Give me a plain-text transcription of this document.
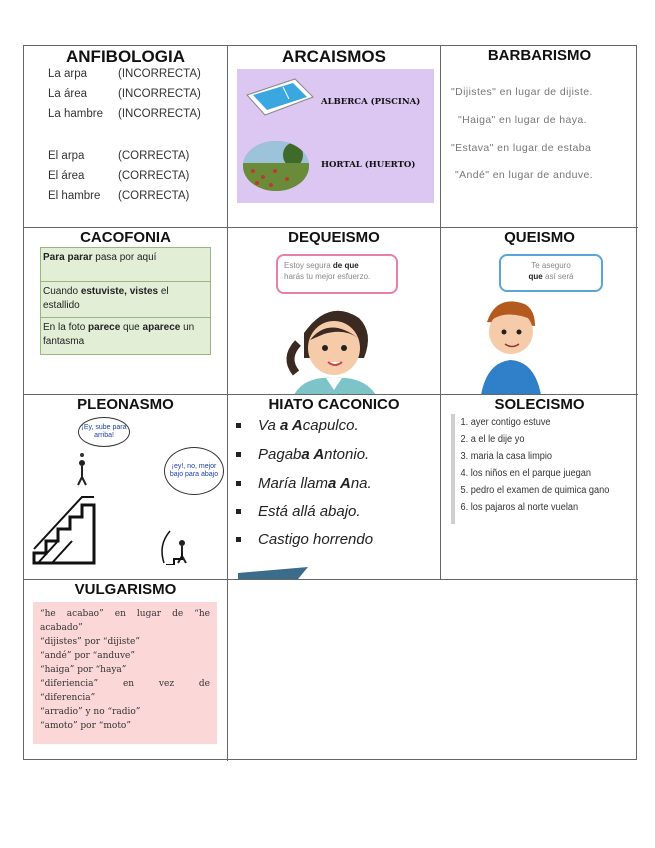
ANFIBOLOGIA
La arpa	(INCORRECTA)
La área	(INCORRECTA)
La hambre (INCORRECTA)
El arpa	(CORRECTA)
El área	(CORRECTA)
El hambre (CORRECTA)
ARCAISMOS
ALBERCA (PISCINA)
HORTAL (HUERTO)
BARBARISMO
"Dijistes" en lugar de dijiste.
"Haiga" en lugar de haya.
"Estava" en lugar de estaba
"Andé" en lugar de anduve.
CACOFONIA
Para parar pasa por aquí
Cuando estuviste, vistes el estallido
En la foto parece que aparece un fantasma
DEQUEISMO
Estoy segura de que
harás tu mejor esfuerzo.
QUEISMO
Te aseguro
que así será
PLEONASMO
¡Ey, sube para arriba!
¡ey!, no, mejor bajo para abajo
HIATO CACONICO
Va a Acapulco.
Pagaba Antonio.
María llama Ana.
Está allá abajo.
Castigo horrendo
SOLECISMO
1. ayer contigo estuve
2. a el le dije yo
3. maria la casa limpio
4. los niños en el parque juegan
5. pedro el examen de quimica gano
6. los pajaros al norte vuelan
VULGARISMO
“he acabao” en lugar de “he
acabado”
“dijistes” por “dijiste”
“andé” por “anduve”
“haiga” por “haya”
“diferiencia”	en	vez	de
“diferencia”
“arradio” y no “radio”
“amoto” por “moto”
